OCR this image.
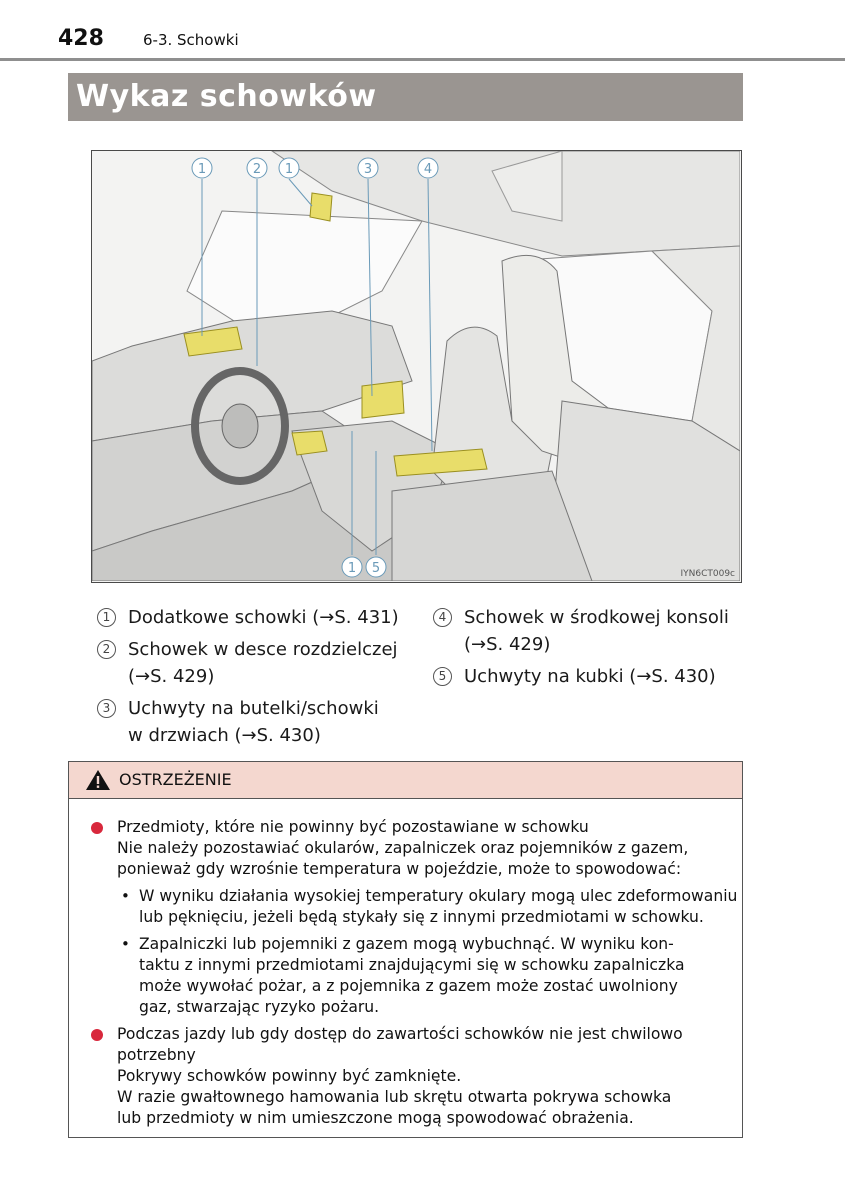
428	6-3. Schowki
Wykaz schowków
1	2 1	3	4
1 5	IYN6CT009c
1 Dodatkowe schowki (→S. 431)
2 Schowek w desce rozdzielczej
(→S. 429)
3 Uchwyty na butelki/schowki
w drzwiach (→S. 430)
4 Schowek w środkowej konsoli
(→S. 429)
5 Uchwyty na kubki (→S. 430)
OSTRZEŻENIE
Przedmioty, które nie powinny być pozostawiane w schowku
Nie należy pozostawiać okularów, zapalniczek oraz pojemników z gazem,
ponieważ gdy wzrośnie temperatura w pojeździe, może to spowodować:
• W wyniku działania wysokiej temperatury okulary mogą ulec zdeformowaniu
lub pęknięciu, jeżeli będą stykały się z innymi przedmiotami w schowku.
• Zapalniczki lub pojemniki z gazem mogą wybuchnąć. W wyniku kon-
taktu z innymi przedmiotami znajdującymi się w schowku zapalniczka
może wywołać pożar, a z pojemnika z gazem może zostać uwolniony
gaz, stwarzając ryzyko pożaru.
Podczas jazdy lub gdy dostęp do zawartości schowków nie jest chwilowo
potrzebny
Pokrywy schowków powinny być zamknięte.
W razie gwałtownego hamowania lub skrętu otwarta pokrywa schowka
lub przedmioty w nim umieszczone mogą spowodować obrażenia.
